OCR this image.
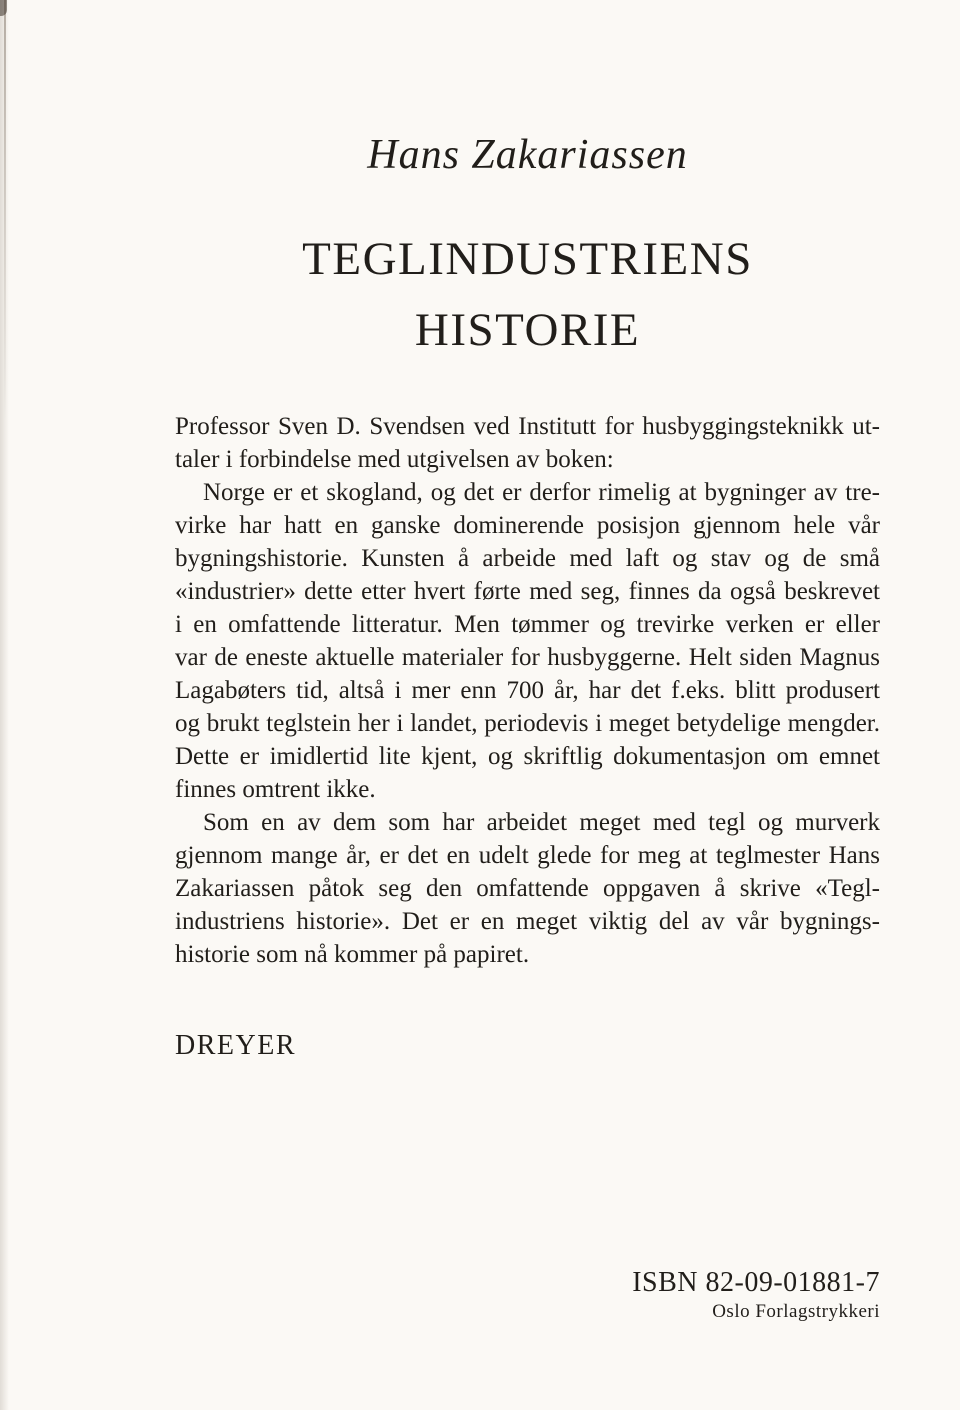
Hans Zakariassen
TEGLINDUSTRIENS
HISTORIE
Professor Sven D. Svendsen ved Institutt for husbyggingsteknikk ut-
taler i forbindelse med utgivelsen av boken:
Norge er et skogland, og det er derfor rimelig at bygninger av tre-
virke har hatt en ganske dominerende posisjon gjennom hele vår
bygningshistorie. Kunsten å arbeide med laft og stav og de små
«industrier» dette etter hvert førte med seg, finnes da også beskrevet
i en omfattende litteratur. Men tømmer og trevirke verken er eller
var de eneste aktuelle materialer for husbyggerne. Helt siden Magnus
Lagabøters tid, altså i mer enn 700 år, har det f.eks. blitt produsert
og brukt teglstein her i landet, periodevis i meget betydelige mengder.
Dette er imidlertid lite kjent, og skriftlig dokumentasjon om emnet
finnes omtrent ikke.
Som en av dem som har arbeidet meget med tegl og murverk
gjennom mange år, er det en udelt glede for meg at teglmester Hans
Zakariassen påtok seg den omfattende oppgaven å skrive «Tegl-
industriens historie». Det er en meget viktig del av vår bygnings-
historie som nå kommer på papiret.
DREYER
ISBN 82-09-01881-7
Oslo Forlagstrykkeri
